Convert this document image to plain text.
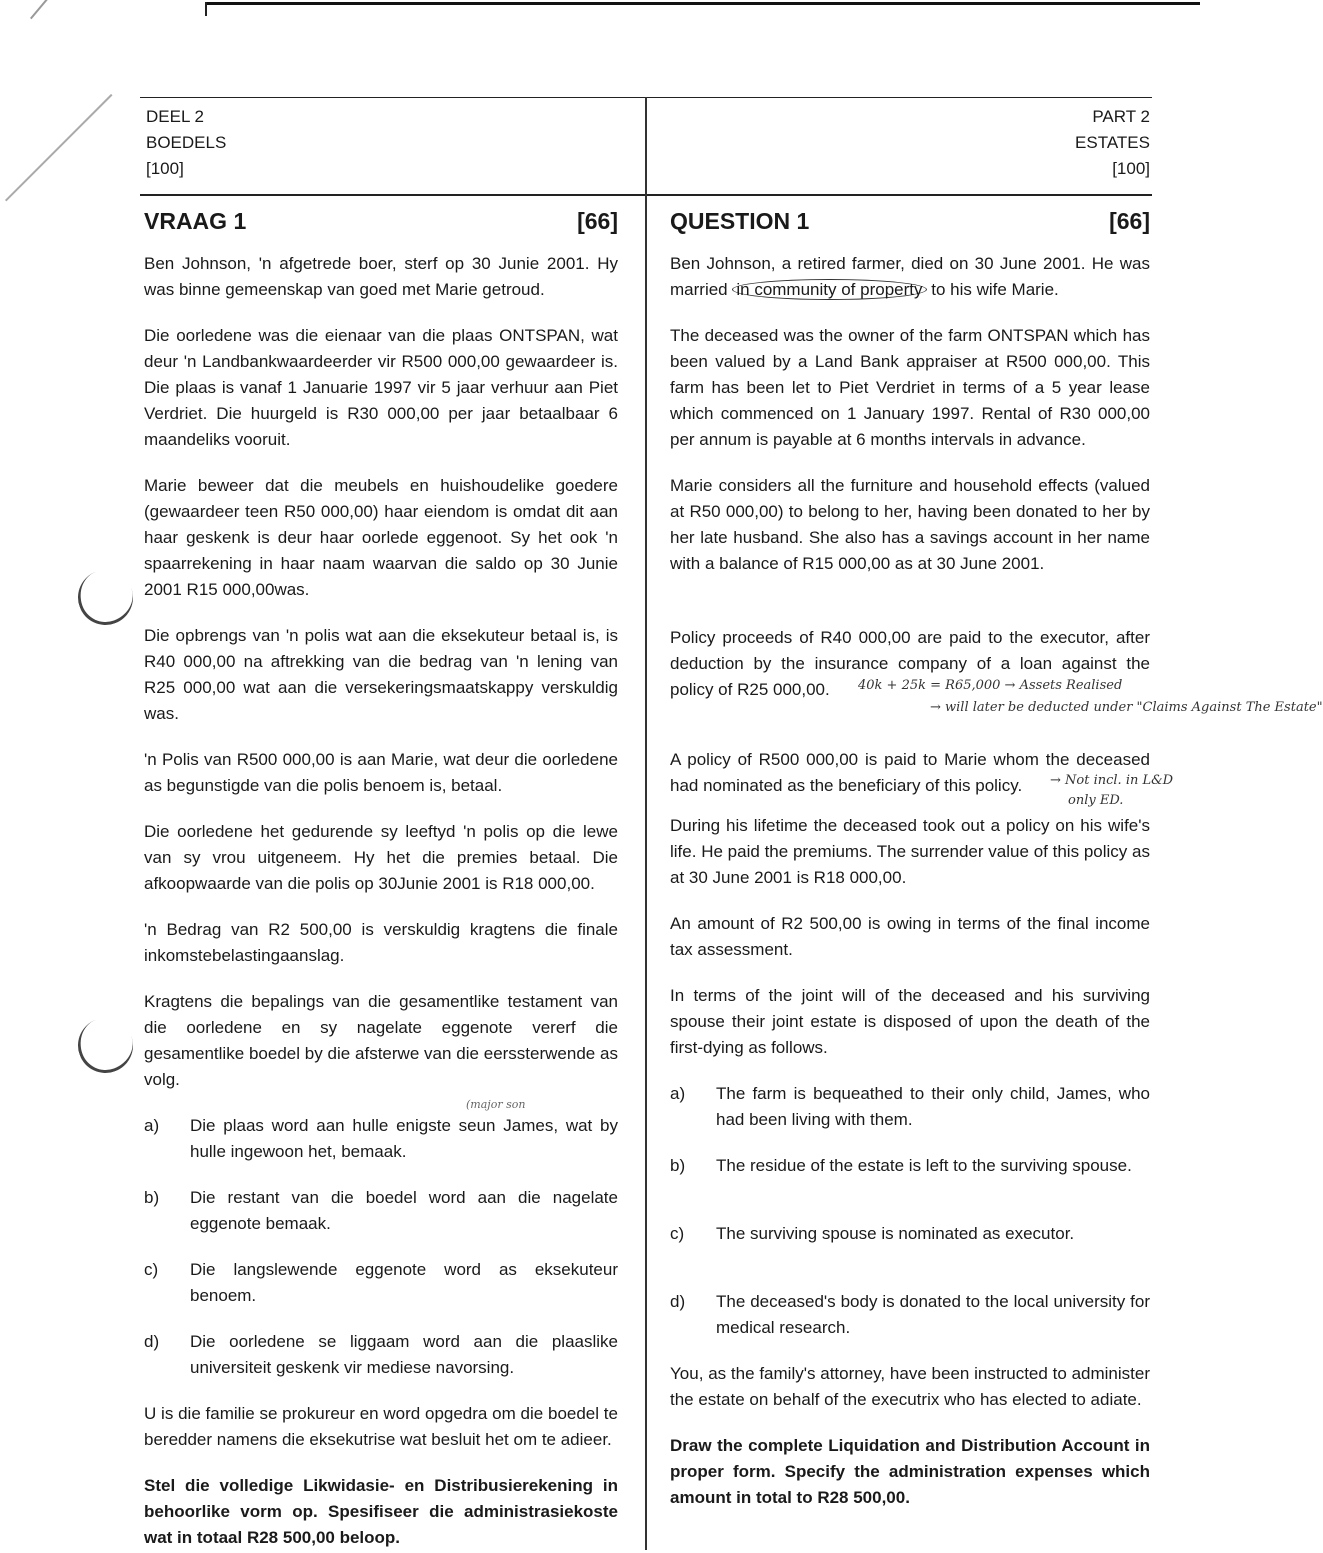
DEEL 2
BOEDELS
[100]
PART 2
ESTATES
[100]
VRAAG 1	[66]

Ben Johnson, 'n afgetrede boer, sterf op 30 Junie 2001. Hy was binne gemeenskap van goed met Marie getroud.

Die oorledene was die eienaar van die plaas ONTSPAN, wat deur 'n Landbankwaardeerder vir R500 000,00 gewaardeer is. Die plaas is vanaf 1 Januarie 1997 vir 5 jaar verhuur aan Piet Verdriet. Die huurgeld is R30 000,00 per jaar betaalbaar 6 maandeliks vooruit.

Marie beweer dat die meubels en huishoudelike goedere (gewaardeer teen R50 000,00) haar eiendom is omdat dit aan haar geskenk is deur haar oorlede eggenoot. Sy het ook 'n spaarrekening in haar naam waarvan die saldo op 30 Junie 2001 R15 000,00was.

Die opbrengs van 'n polis wat aan die eksekuteur betaal is, is R40 000,00 na aftrekking van die bedrag van 'n lening van R25 000,00 wat aan die versekeringsmaatskappy verskuldig was.

'n Polis van R500 000,00 is aan Marie, wat deur die oorledene as begunstigde van die polis benoem is, betaal.

Die oorledene het gedurende sy leeftyd 'n polis op die lewe van sy vrou uitgeneem. Hy het die premies betaal. Die afkoopwaarde van die polis op 30Junie 2001 is R18 000,00.

'n Bedrag van R2 500,00 is verskuldig kragtens die finale inkomstebelastingaanslag.

Kragtens die bepalings van die gesamentlike testament van die oorledene en sy nagelate eggenote vererf die gesamentlike boedel by die afsterwe van die eerssterwende as volg.

a)	Die plaas word aan hulle enigste seun James, wat by hulle ingewoon het, bemaak.
b)	Die restant van die boedel word aan die nagelate eggenote bemaak.
c)	Die langslewende eggenote word as eksekuteur benoem.
d)	Die oorledene se liggaam word aan die plaaslike universiteit geskenk vir mediese navorsing.

U is die familie se prokureur en word opgedra om die boedel te beredder namens die eksekutrise wat besluit het om te adieer.

Stel die volledige Likwidasie- en Distribusierekening in behoorlike vorm op. Spesifiseer die administrasiekoste wat in totaal R28 500,00 beloop.

QUESTION 1	[66]

Ben Johnson, a retired farmer, died on 30 June 2001. He was married in community of property to his wife Marie.

The deceased was the owner of the farm ONTSPAN which has been valued by a Land Bank appraiser at R500 000,00. This farm has been let to Piet Verdriet in terms of a 5 year lease which commenced on 1 January 1997. Rental of R30 000,00 per annum is payable at 6 months intervals in advance.

Marie considers all the furniture and household effects (valued at R50 000,00) to belong to her, having been donated to her by her late husband. She also has a savings account in her name with a balance of R15 000,00 as at 30 June 2001.

Policy proceeds of R40 000,00 are paid to the executor, after deduction by the insurance company of a loan against the policy of R25 000,00.

A policy of R500 000,00 is paid to Marie whom the deceased had nominated as the beneficiary of this policy.

During his lifetime the deceased took out a policy on his wife's life. He paid the premiums. The surrender value of this policy as at 30 June 2001 is R18 000,00.

An amount of R2 500,00 is owing in terms of the final income tax assessment.

In terms of the joint will of the deceased and his surviving spouse their joint estate is disposed of upon the death of the first-dying as follows.

a)	The farm is bequeathed to their only child, James, who had been living with them.
b)	The residue of the estate is left to the surviving spouse.
c)	The surviving spouse is nominated as executor.
d)	The deceased's body is donated to the local university for medical research.

You, as the family's attorney, have been instructed to administer the estate on behalf of the executrix who has elected to adiate.

Draw the complete Liquidation and Distribution Account in proper form. Specify the administration expenses which amount in total to R28 500,00.

40k + 25k = R65,000 → Assets Realised
→ will later be deducted under "Claims Against The Estate"
→ Not incl. in L&D
only ED.
(major son
